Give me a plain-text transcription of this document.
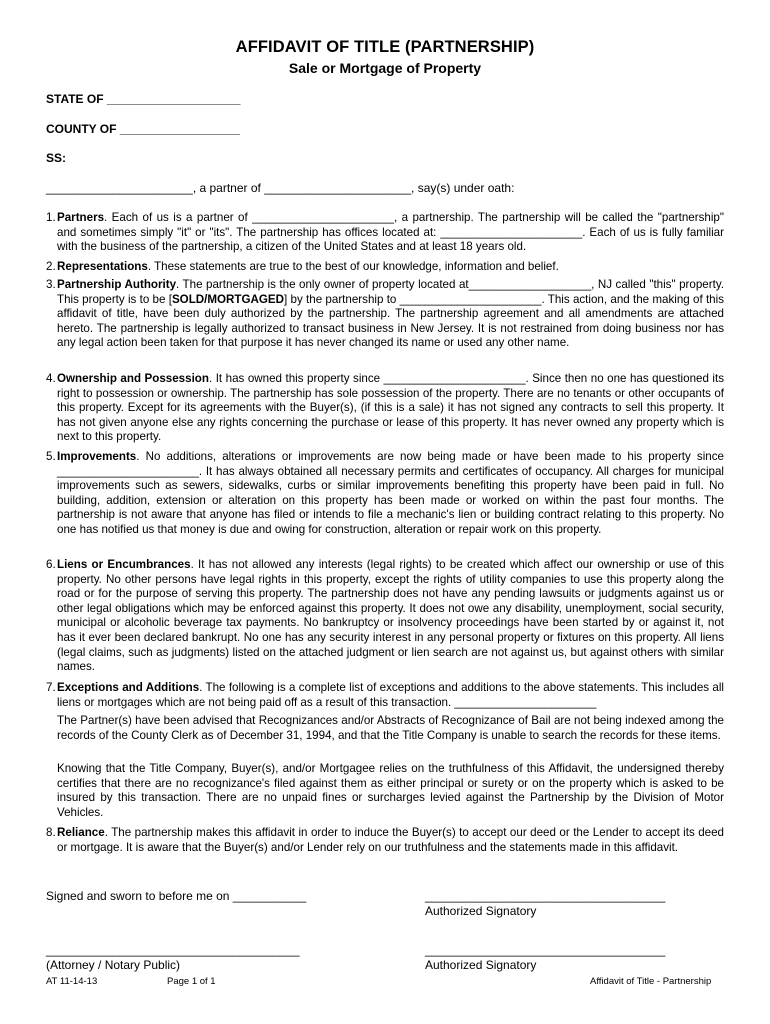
AFFIDAVIT OF TITLE (PARTNERSHIP)
Sale or Mortgage of Property
STATE OF ____________________
COUNTY OF __________________
SS:
______________________, a partner of ______________________, say(s) under oath:
1. Partners. Each of us is a partner of ______________________, a partnership. The partnership will be called the "partnership" and sometimes simply "it" or "its". The partnership has offices located at: ______________________. Each of us is fully familiar with the business of the partnership, a citizen of the United States and at least 18 years old.
2. Representations. These statements are true to the best of our knowledge, information and belief.
3. Partnership Authority. The partnership is the only owner of property located at___________________, NJ called "this" property. This property is to be [SOLD/MORTGAGED] by the partnership to ______________________. This action, and the making of this affidavit of title, have been duly authorized by the partnership. The partnership agreement and all amendments are attached hereto. The partnership is legally authorized to transact business in New Jersey. It is not restrained from doing business nor has any legal action been taken for that purpose it has never changed its name or used any other name.
4. Ownership and Possession. It has owned this property since ______________________. Since then no one has questioned its right to possession or ownership. The partnership has sole possession of the property. There are no tenants or other occupants of this property. Except for its agreements with the Buyer(s), (if this is a sale) it has not signed any contracts to sell this property. It has not given anyone else any rights concerning the purchase or lease of this property. It has never owned any property which is next to this property.
5. Improvements. No additions, alterations or improvements are now being made or have been made to his property since ______________________. It has always obtained all necessary permits and certificates of occupancy. All charges for municipal improvements such as sewers, sidewalks, curbs or similar improvements benefiting this property have been paid in full. No building, addition, extension or alteration on this property has been made or worked on within the past four months. The partnership is not aware that anyone has filed or intends to file a mechanic's lien or building contract relating to this property. No one has notified us that money is due and owing for construction, alteration or repair work on this property.
6. Liens or Encumbrances. It has not allowed any interests (legal rights) to be created which affect our ownership or use of this property. No other persons have legal rights in this property, except the rights of utility companies to use this property along the road or for the purpose of serving this property. The partnership does not have any pending lawsuits or judgments against us or other legal obligations which may be enforced against this property. It does not owe any disability, unemployment, social security, municipal or alcoholic beverage tax payments. No bankruptcy or insolvency proceedings have been started by or against it, not has it ever been declared bankrupt. No one has any security interest in any personal property or fixtures on this property. All liens (legal claims, such as judgments) listed on the attached judgment or lien search are not against us, but against others with similar names.
7. Exceptions and Additions. The following is a complete list of exceptions and additions to the above statements. This includes all liens or mortgages which are not being paid off as a result of this transaction. ______________________
The Partner(s) have been advised that Recognizances and/or Abstracts of Recognizance of Bail are not being indexed among the records of the County Clerk as of December 31, 1994, and that the Title Company is unable to search the records for these items.
Knowing that the Title Company, Buyer(s), and/or Mortgagee relies on the truthfulness of this Affidavit, the undersigned thereby certifies that there are no recognizance's filed against them as either principal or surety or on the property which is asked to be insured by this transaction. There are no unpaid fines or surcharges levied against the Partnership by the Division of Motor Vehicles.
8. Reliance. The partnership makes this affidavit in order to induce the Buyer(s) to accept our deed or the Lender to accept its deed or mortgage. It is aware that the Buyer(s) and/or Lender rely on our truthfulness and the statements made in this affidavit.
Signed and sworn to before me on ___________	____________________________________
Authorized Signatory
______________________________________
(Attorney / Notary Public)
____________________________________
Authorized Signatory
AT 11-14-13	Page 1 of 1	Affidavit of Title - Partnership
